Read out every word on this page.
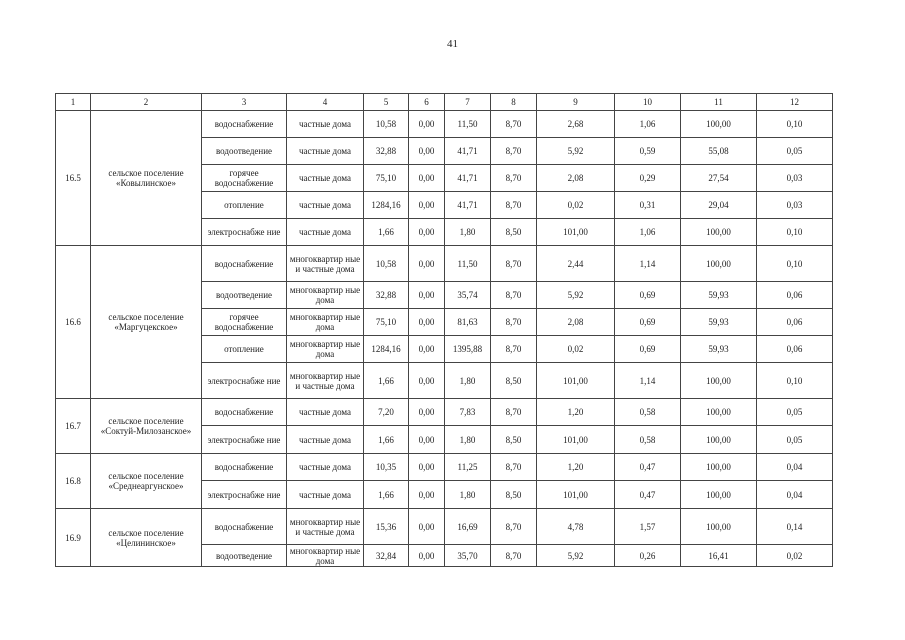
41
1	2	3	4	5	6	7	8	9	10	11	12
16.5	сельское поселение «Ковылинское»	водоснабжение	частные дома	10,58	0,00	11,50	8,70	2,68	1,06	100,00	0,10
		водоотведение	частные дома	32,88	0,00	41,71	8,70	5,92	0,59	55,08	0,05
		горячее водоснабжение	частные дома	75,10	0,00	41,71	8,70	2,08	0,29	27,54	0,03
		отопление	частные дома	1284,16	0,00	41,71	8,70	0,02	0,31	29,04	0,03
		электроснабже ние	частные дома	1,66	0,00	1,80	8,50	101,00	1,06	100,00	0,10
16.6	сельское поселение «Маргуцекское»	водоснабжение	многоквартир ные и частные дома	10,58	0,00	11,50	8,70	2,44	1,14	100,00	0,10
		водоотведение	многоквартир ные дома	32,88	0,00	35,74	8,70	5,92	0,69	59,93	0,06
		горячее водоснабжение	многоквартир ные дома	75,10	0,00	81,63	8,70	2,08	0,69	59,93	0,06
		отопление	многоквартир ные дома	1284,16	0,00	1395,88	8,70	0,02	0,69	59,93	0,06
		электроснабже ние	многоквартир ные и частные дома	1,66	0,00	1,80	8,50	101,00	1,14	100,00	0,10
16.7	сельское поселение «Соктуй-Милозанское»	водоснабжение	частные дома	7,20	0,00	7,83	8,70	1,20	0,58	100,00	0,05
		электроснабже ние	частные дома	1,66	0,00	1,80	8,50	101,00	0,58	100,00	0,05
16.8	сельское поселение «Среднеаргунское»	водоснабжение	частные дома	10,35	0,00	11,25	8,70	1,20	0,47	100,00	0,04
		электроснабже ние	частные дома	1,66	0,00	1,80	8,50	101,00	0,47	100,00	0,04
16.9	сельское поселение «Целининское»	водоснабжение	многоквартир ные и частные дома	15,36	0,00	16,69	8,70	4,78	1,57	100,00	0,14
		водоотведение	многоквартир ные дома	32,84	0,00	35,70	8,70	5,92	0,26	16,41	0,02
